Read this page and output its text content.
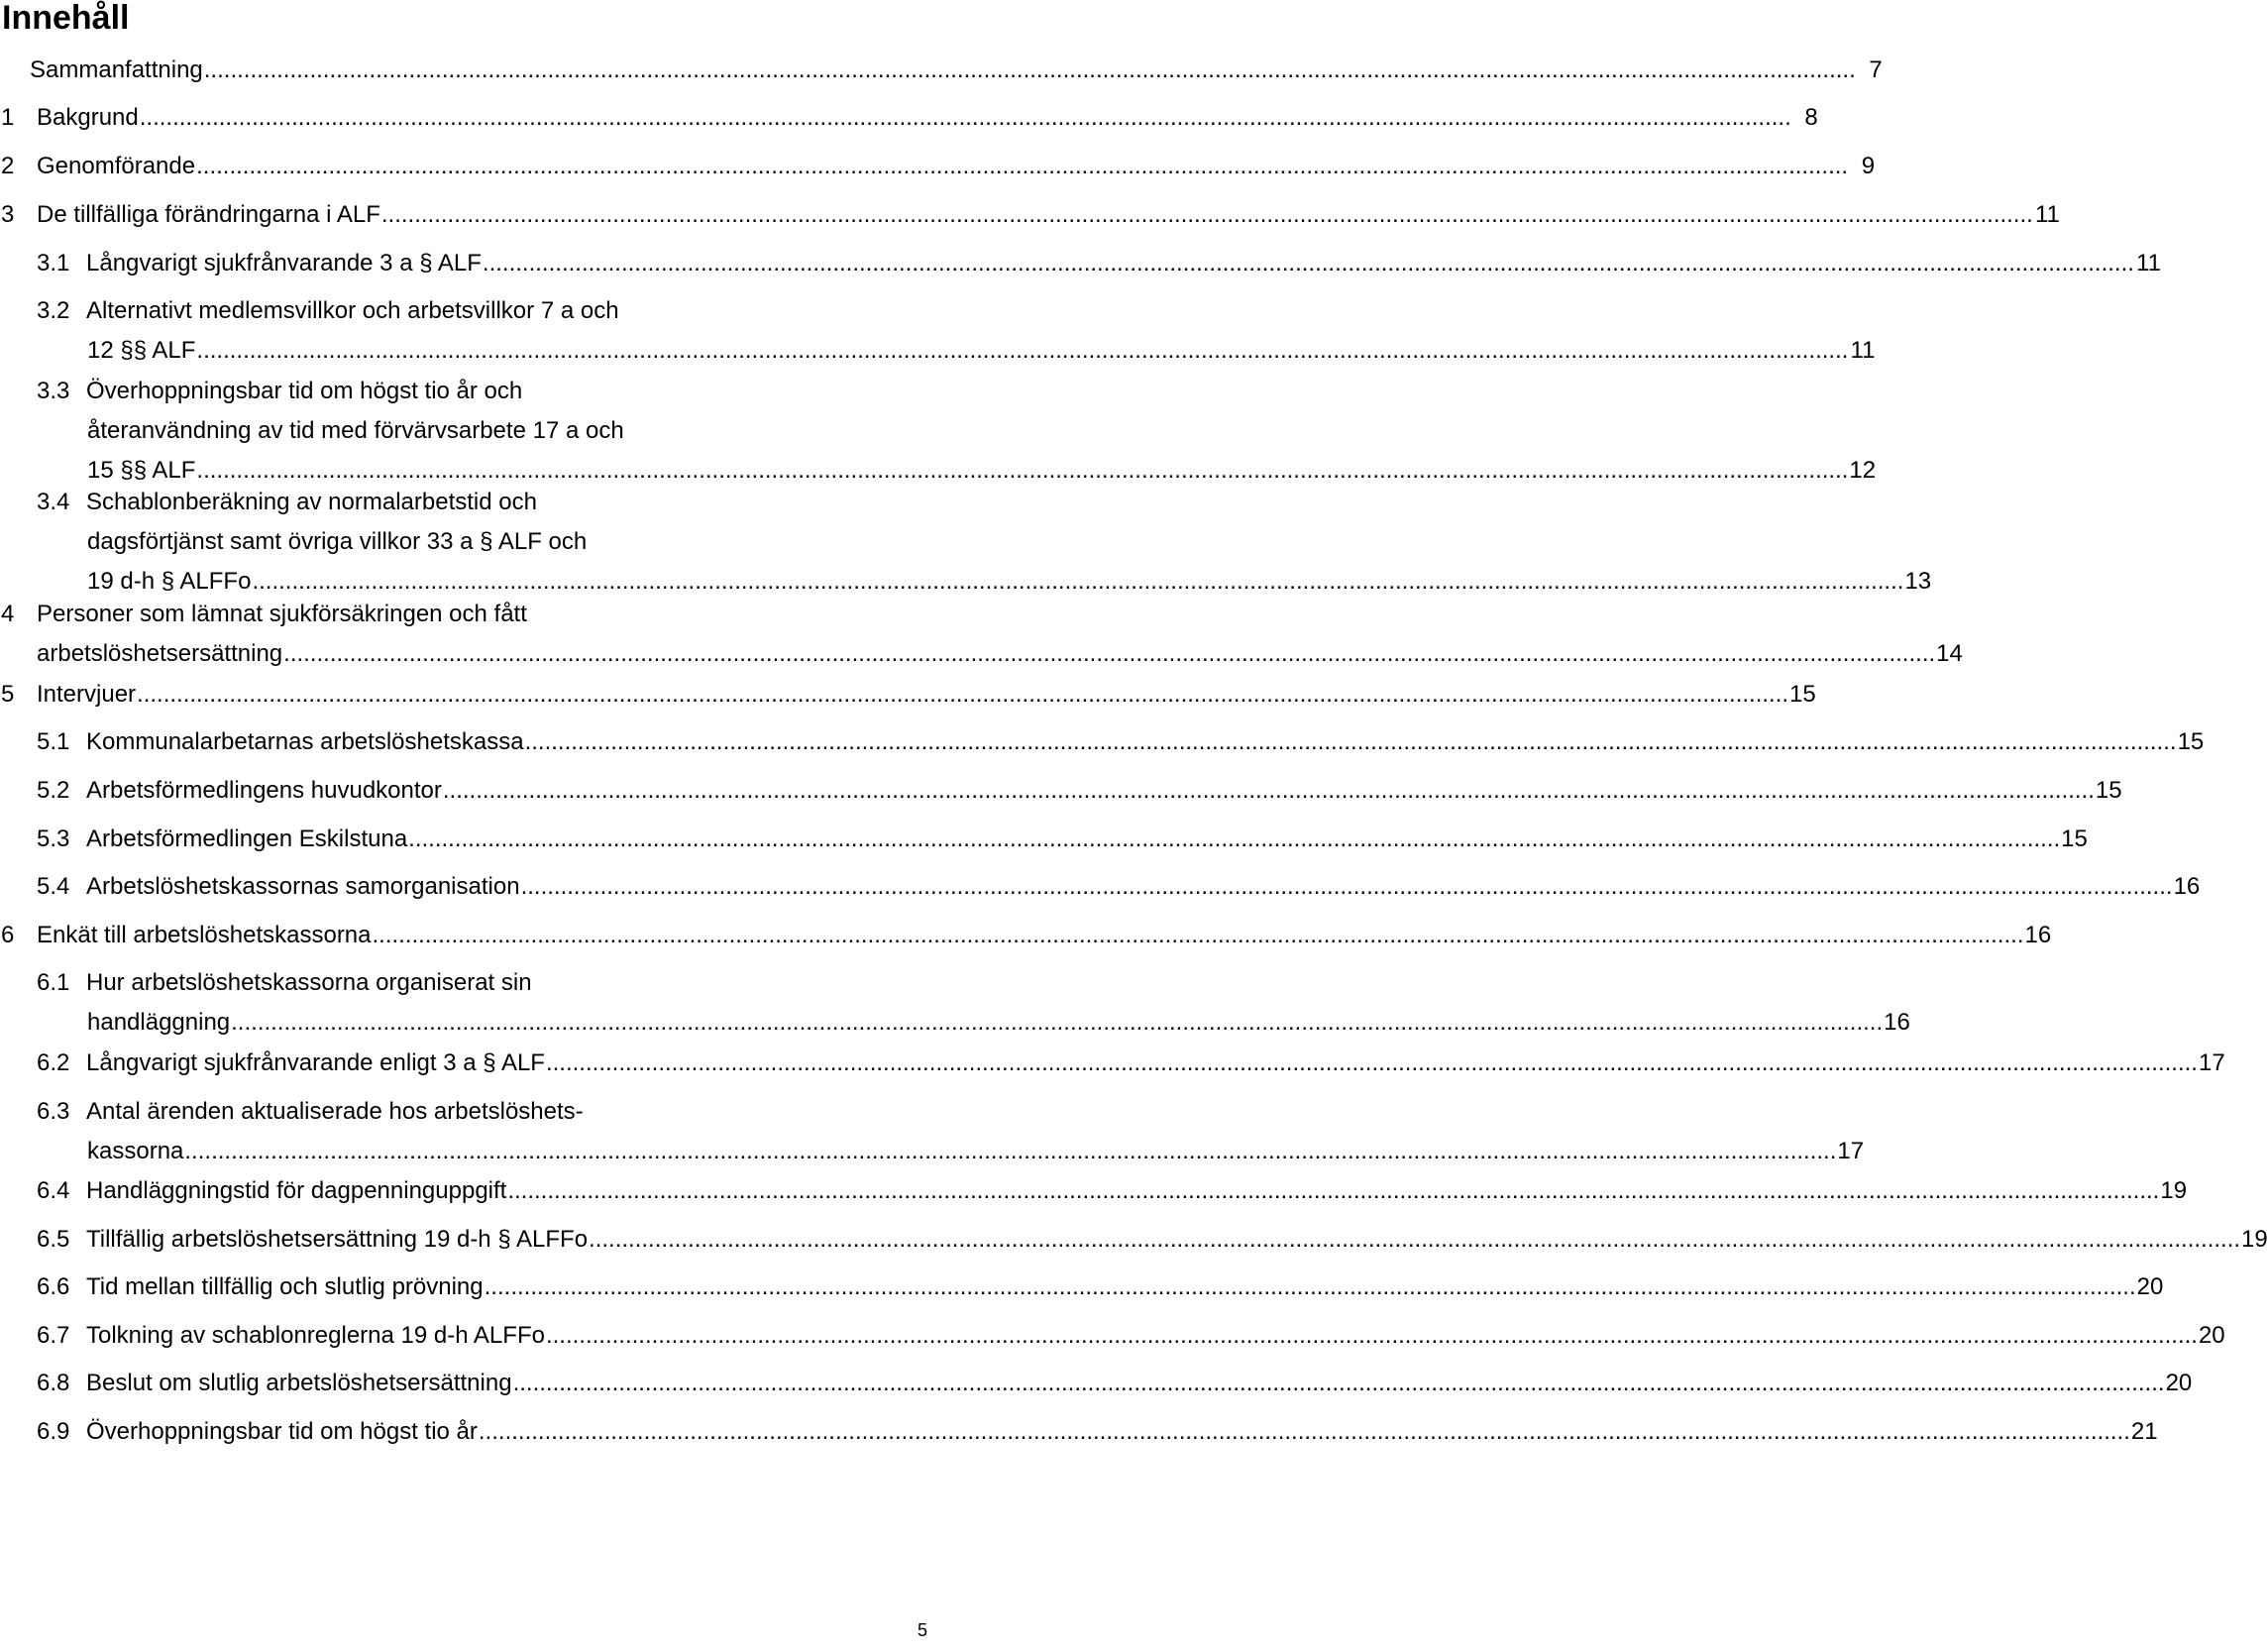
Innehåll
Sammanfattning .....	7
1 Bakgrund .....	8
2 Genomförande .....	9
3 De tillfälliga förändringarna i ALF .....	11
3.1 Långvarigt sjukfrånvarande 3 a § ALF .....	11
3.2 Alternativt medlemsvillkor och arbetsvillkor 7 a och
12 §§ ALF .....	11
3.3 Överhoppningsbar tid om högst tio år och
återanvändning av tid med förvärvsarbete 17 a och
15 §§ ALF .....	12
3.4 Schablonberäkning av normalarbetstid och
dagsförtjänst samt övriga villkor 33 a § ALF och
19 d-h § ALFFo .....	13
4 Personer som lämnat sjukförsäkringen och fått
arbetslöshetsersättning .....	14
5 Intervjuer .....	15
5.1 Kommunalarbetarnas arbetslöshetskassa .....	15
5.2 Arbetsförmedlingens huvudkontor .....	15
5.3 Arbetsförmedlingen Eskilstuna .....	15
5.4 Arbetslöshetskassornas samorganisation .....	16
6 Enkät till arbetslöshetskassorna .....	16
6.1 Hur arbetslöshetskassorna organiserat sin
handläggning .....	16
6.2 Långvarigt sjukfrånvarande enligt 3 a § ALF .....	17
6.3 Antal ärenden aktualiserade hos arbetslöshets-
kassorna .....	17
6.4 Handläggningstid för dagpenninguppgift .....	19
6.5 Tillfällig arbetslöshetsersättning 19 d-h § ALFFo .....	19
6.6 Tid mellan tillfällig och slutlig prövning .....	20
6.7 Tolkning av schablonreglerna 19 d-h ALFFo .....	20
6.8 Beslut om slutlig arbetslöshetsersättning .....	20
6.9 Överhoppningsbar tid om högst tio år .....	21
5
